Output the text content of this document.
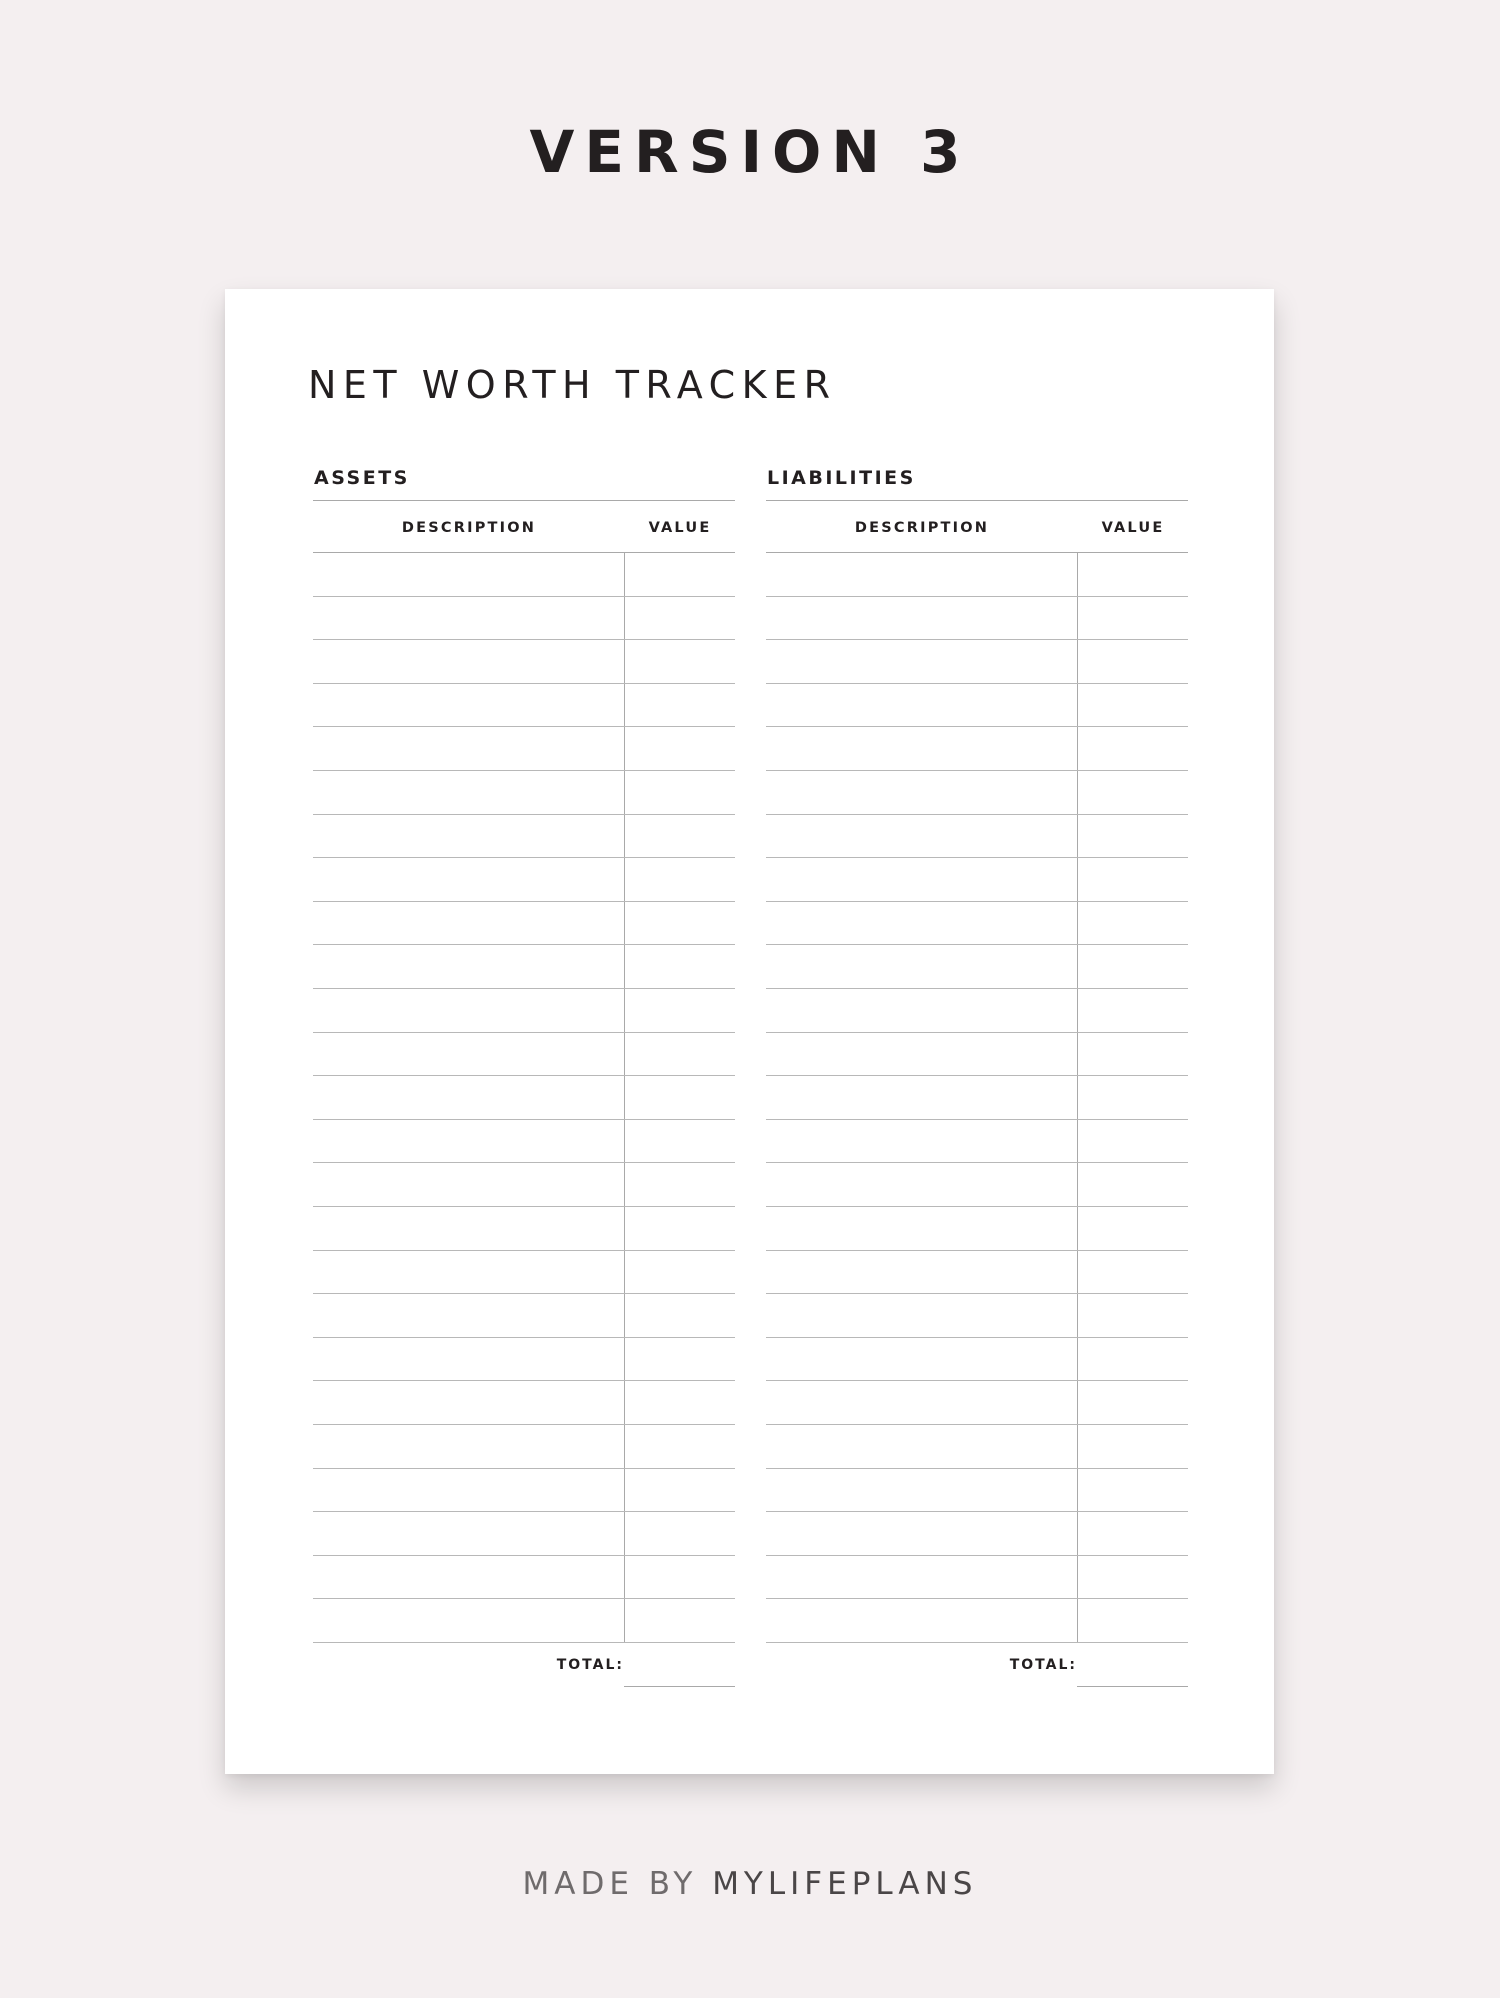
VERSION 3
NET WORTH TRACKER
ASSETS
DESCRIPTION	VALUE
TOTAL:
LIABILITIES
DESCRIPTION	VALUE
TOTAL:
MADE BY MYLIFEPLANS
